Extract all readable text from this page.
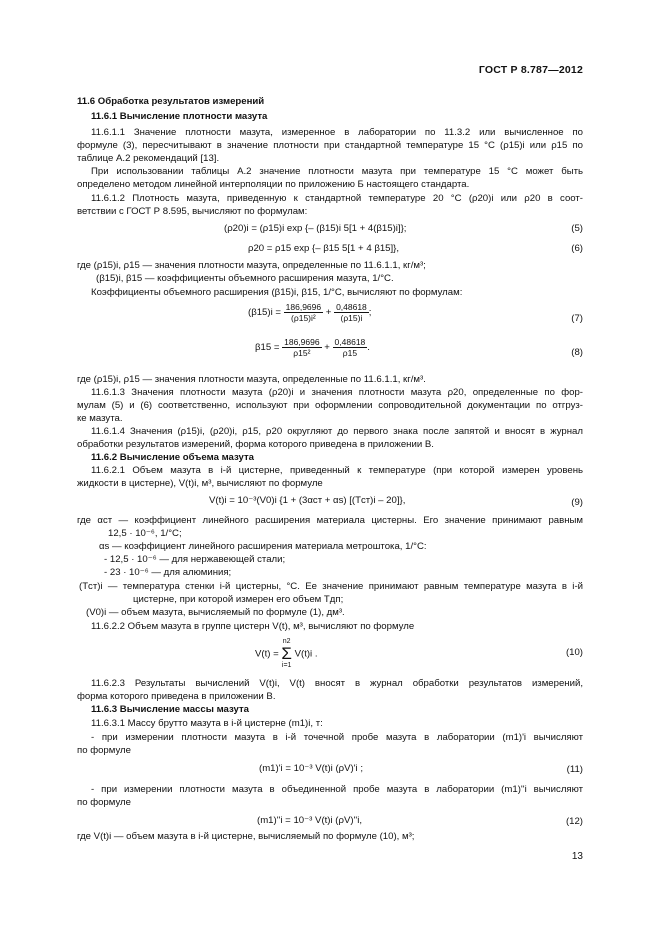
ГОСТ Р 8.787—2012
11.6 Обработка результатов измерений
11.6.1 Вычисление плотности мазута
11.6.1.1 Значение плотности мазута, измеренное в лаборатории по 11.3.2 или вычисленное по
формуле (3), пересчитывают в значение плотности при стандартной температуре 15 °С (ρ15)i или ρ15 по
таблице А.2 рекомендаций [13].
При использовании таблицы А.2 значение плотности мазута при температуре 15 °С может быть
определено методом линейной интерполяции по приложению Б настоящего стандарта.
11.6.1.2 Плотность мазута, приведенную к стандартной температуре 20 °С (ρ20)i или ρ20 в соот-
ветствии с ГОСТ Р 8.595, вычисляют по формулам:
(ρ20)i = (ρ15)i exp {– (β15)i 5[1 + 4(β15)i]};	(5)
ρ20 = ρ15 exp {– β15 5[1 + 4 β15]},	(6)
где (ρ15)i, ρ15 — значения плотности мазута, определенные по 11.6.1.1, кг/м³;
(β15)i, β15 — коэффициенты объемного расширения мазута, 1/°С.
Коэффициенты объемного расширения (β15)i, β15, 1/°С, вычисляют по формулам:
$(\beta 15)i = \frac{186,9696}{\text{(ρ15)i²}} + \frac{0,48618}{(\rho 15)i}$ ;
(7)
$\beta 15 = \frac{186,9696}{\text{ρ15²}} + \frac{0,48618}{\rho 15}$ .	(8)
где (ρ15)i, ρ15 — значения плотности мазута, определенные по 11.6.1.1, кг/м³.
11.6.1.3 Значения плотности мазута (ρ20)i и значения плотности мазута ρ20, определенные по фор-
мулам (5) и (6) соответственно, используют при оформлении сопроводительной документации по отгруз-
ке мазута.
11.6.1.4 Значения (ρ15)i, (ρ20)i, ρ15, ρ20 округляют до первого знака после запятой и вносят в журнал
обработки результатов измерений, форма которого приведена в приложении В.
11.6.2 Вычисление объема мазута
11.6.2.1 Объем мазута в i-й цистерне, приведенный к температуре (при которой измерен уровень
жидкости в цистерне), V(t)i, м³, вычисляют по формуле
V(t)i = 10⁻³(V0)i {1 + (3αст + αs) [(Tст)i – 20]},	(9)
где αст — коэффициент линейного расширения материала цистерны. Его значение принимают равным
12,5 · 10⁻⁶, 1/°С;
αs — коэффициент линейного расширения материала метроштока, 1/°С:
- 12,5 · 10⁻⁶ — для нержавеющей стали;
- 23 · 10⁻⁶ — для алюминия;
(Tст)i — температура стенки i-й цистерны, °С. Ее значение принимают равным температуре мазута в i-й
цистерне, при которой измерен его объем Tдп;
(V0)i — объем мазута, вычисляемый по формуле (1), дм³.
11.6.2.2 Объем мазута в группе цистерн V(t), м³, вычисляют по формуле
V(t) = n2
Σ
i=1 V(t)i .	(10)
11.6.2.3 Результаты вычислений V(t)i, V(t) вносят в журнал обработки результатов измерений,
форма которого приведена в приложении В.
11.6.3 Вычисление массы мазута
11.6.3.1 Массу брутто мазута в i-й цистерне (m1)i, т:
- при измерении плотности мазута в i-й точечной пробе мазута в лаборатории (m1)'i вычисляют
по формуле
(m1)'i = 10⁻³ V(t)i (ρV)'i ;	(11)
- при измерении плотности мазута в объединенной пробе мазута в лаборатории (m1)''i вычисляют
по формуле
(m1)''i = 10⁻³ V(t)i (ρV)''i,	(12)
где V(t)i — объем мазута в i-й цистерне, вычисляемый по формуле (10), м³;
13
